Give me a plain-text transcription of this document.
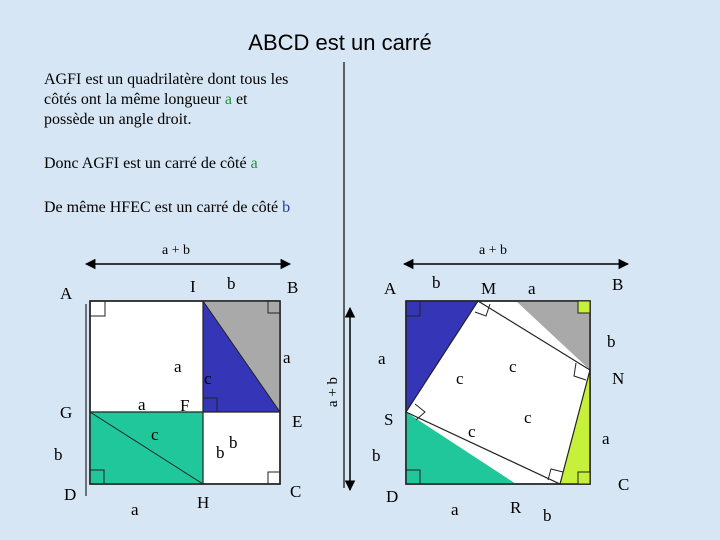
ABCD est un carré
AGFI est un quadrilatère dont tous les
côtés ont la même longueur a et
possède un angle droit.
Donc AGFI est un carré de côté a
De même HFEC est un carré de côté b
a + b	a + b
a + b
A	I	B
G	F
E
D	H
C
b
a
c
a
c
a
b	b
b
a
A	M	B
N
S
D
R
C
b	a
b
a
c
c
c
c
a
b
a	b
